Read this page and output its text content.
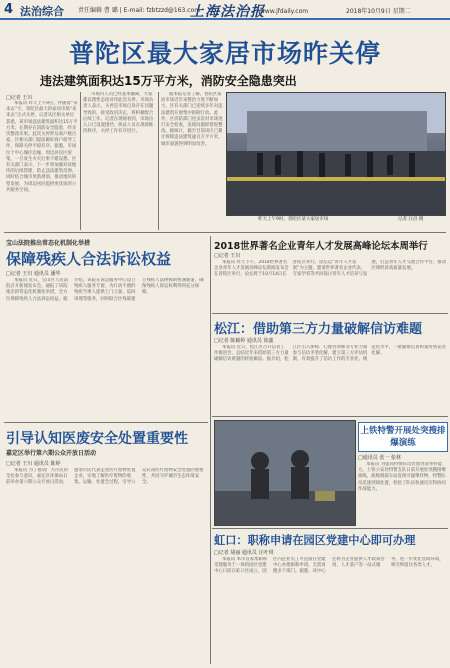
4 法治综合 责任编辑 曹 璐 | E-mail: fzbtzzd@163.com
上海法治报
www.jfdaily.com	2018年10月9日 星期二
普陀区最大家居市场昨关停
违法建筑面积达15万平方米，消防安全隐患突出
□记者 王川

本报讯 昨天上午9点，伴随着“来来去”字。普陀区最大的家居市场“来来去”正式关停，记者从区相关单位获悉，该市场违法建筑面积达15万平方米，长期存在消防安全隐患，经多次整改未果。此次关停涉及商户数百家，区相关部门提前做好商户疏导工作，保障关停平稳有序。据悉，市场位于中心城区边缘，周边居民区密集，一旦发生火灾后果不堪设想。区有关部门表示，下一步将加强对该地块的后续管理，防止违法建筑反弹，同时结合城市更新规划，推动地块转型发展，为周边居民提供更优质的公共服务空间。

市场内人员已经基本撤离，大家都以理性态度对待此次关停。市场负责人表示，关停是市场自身存在问题导致的，接受政府决定，将积极配合后续工作。记者在现场看到，市场出入口已设置围挡，执法人员在现场维持秩序，关停工作有序进行。

据本报记者了解，普陀区家居市场近年来整治力度不断加大，区有关部门已连续多年对违法建筑开展集中拆除行动。此外，区消防部门也多次对市场进行安全检查，发现问题即督促整改。据统计，截至目前该区已累计拆除违法建筑逾百万平方米，城市面貌得到明显改善。

昨天上午9时，普陀区某大家居市场	记者 汪昌 摄
宝山法院推出常态化机制化举措
保障残疾人合法诉讼权益
□记者 王川 通讯员 潘华

本报讯 近日，宝山区人民法院召开新闻发布会，通报了该院推出的常态化机制化举措，全方位保障残疾人合法诉讼权益。据介绍，该院在诉讼服务中心设立残疾人服务专窗，为行动不便的残疾当事人提供上门立案、巡回审理等服务，同时联合区残联建立残疾人法律援助快速通道，确保残疾人诉讼权利得到充分保障。

引导认知医废安全处置重要性
嘉定区举行第六期公众开放日活动
□记者 王川 通讯员 陈婷

本报讯 为了推动广大市民的全民参与意识，嘉定区环保局日前举办第六期公众开放日活动，邀请市民代表走进医疗废物处置企业，实地了解医疗废物的收集、运输、处置全过程，引导公众认知医疗废物安全处置的重要性，共同守护城市生态环境安全。

2018世界著名企业青年人才发展高峰论坛本周举行
□记者 王川

本报讯 昨天下午，2018世界著名企业青年人才发展高峰论坛新闻发布会在普陀区举行，论坛将于10月14日在普陀区举行。论坛以“青年人才发展”为主题，邀请世界著名企业代表、专家学者等共同探讨青年人才培养与发展，打造青年人才交流合作平台，推动区域经济高质量发展。

松江：借助第三方力量破解信访难题
□记者 陈颖婷 通讯员 徐鑫

本报讯 近日，松江区召开信访工作推进会，总结近年来借助第三方力量破解信访难题的经验做法。据介绍，松江区引入律师、心理咨询师等专业力量参与信访矛盾化解，建立第三方评估机制，有效提升了信访工作的专业化、规范化水平，一批疑难信访积案得到妥善化解。

上铁特警开展处突搜排爆演练
□通讯员 张一 张林

本报讯 为提高特警队员处置突发事件能力，上铁公安处特警支队日前开展处突搜排爆演练，演练模拟车站发现可疑爆炸物，特警队员迅速到场处置，检验了队伍快速反应和协同作战能力。

虹口：职称申请在园区党建中心即可办理
□记者 胡丽 通讯员 汪叶琪

本报讯 本市首家集职称受理服务于一体的园区党建中心日前在虹口区成立，园区内企业员工可直接在党建中心办理职称申请，无需再跑多个部门。据悉，该中心还将为企业提供人才政策咨询、人才落户等一站式服务，进一步优化营商环境，吸引和留住各类人才。
